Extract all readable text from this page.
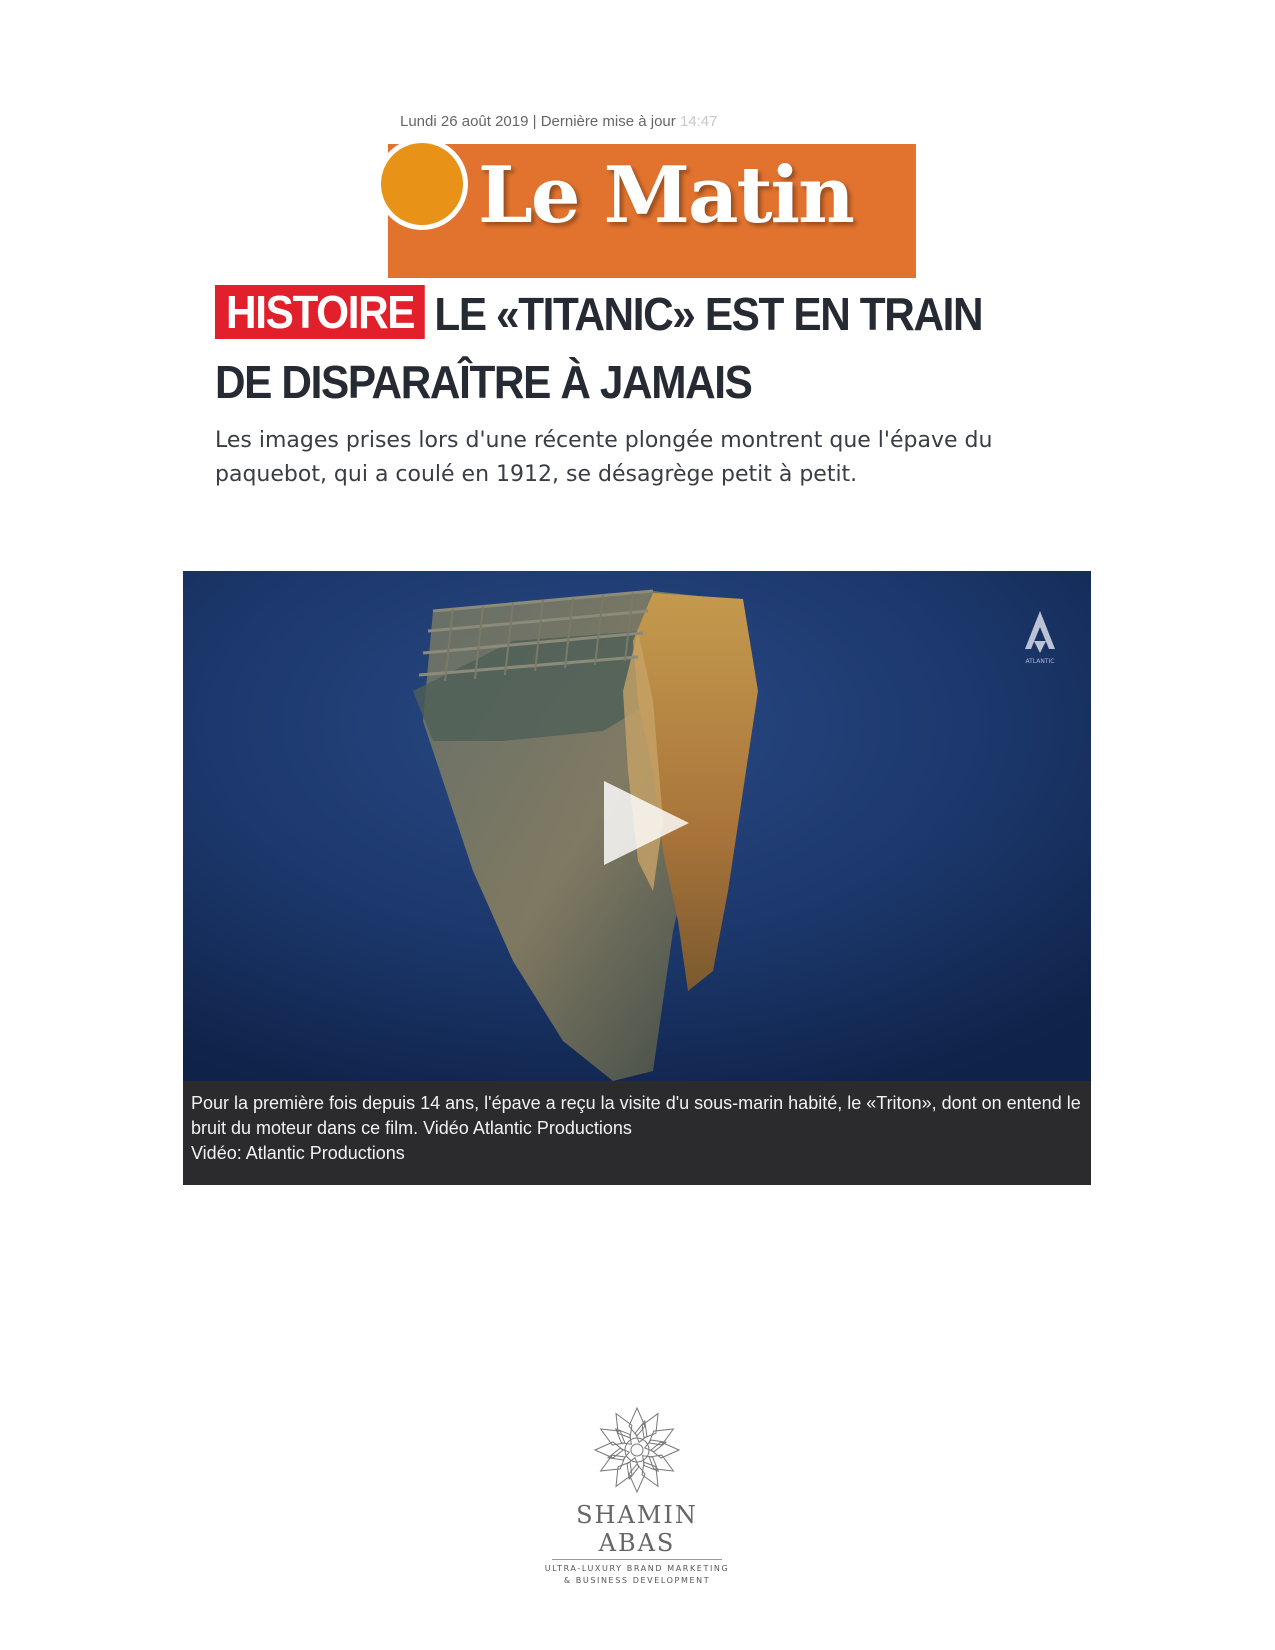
Lundi 26 août 2019 | Dernière mise à jour 14:47
Le Matin
HISTOIRE LE «TITANIC» EST EN TRAIN DE DISPARAÎTRE À JAMAIS
Les images prises lors d'une récente plongée montrent que l'épave du paquebot, qui a coulé en 1912, se désagrège petit à petit.
ATLANTIC
Pour la première fois depuis 14 ans, l'épave a reçu la visite d'u sous-marin habité, le «Triton», dont on entend le
bruit du moteur dans ce film. Vidéo Atlantic Productions
Vidéo: Atlantic Productions
SHAMIN ABAS
ULTRA-LUXURY BRAND MARKETING
& BUSINESS DEVELOPMENT
